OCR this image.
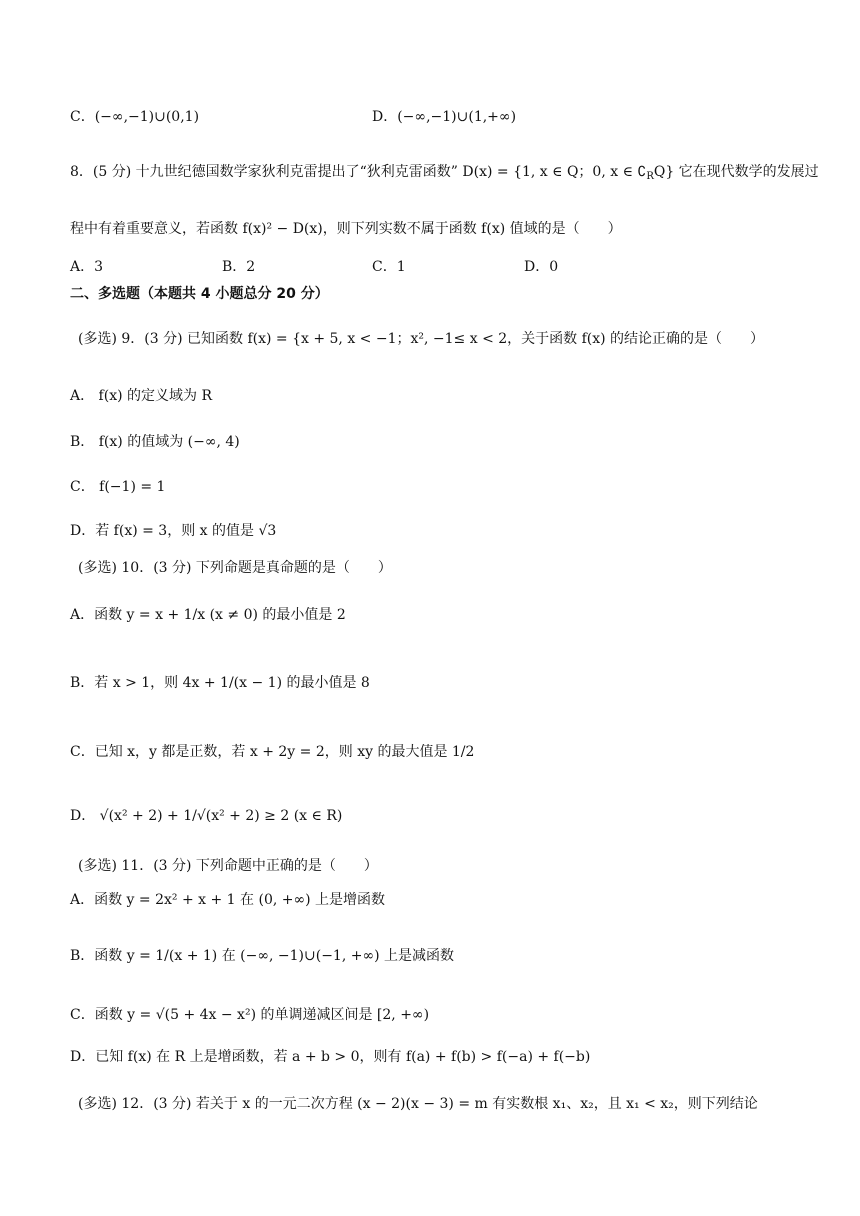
C．(−∞,−1)∪(0,1)	D．(−∞,−1)∪(1,+∞)
8．(5 分) 十九世纪德国数学家狄利克雷提出了“狄利克雷函数” D(x) = {1, x ∈ Q；0, x ∈ $∁_RQ$} 它在现代数学的发展过
程中有着重要意义，若函数 f(x)² − D(x)，则下列实数不属于函数 f(x) 值域的是（　　）
A．3	B．2	C．1	D．0
二、多选题（本题共 4 小题总分 20 分）
(多选) 9．(3 分) 已知函数 f(x) = {x + 5, x < −1；x², −1≤ x < 2，关于函数 f(x) 的结论正确的是（　　）
A． f(x) 的定义域为 R
B． f(x) 的值域为 (−∞, 4)
C． f(−1) = 1
D．若 f(x) = 3，则 x 的值是 √3
(多选) 10．(3 分) 下列命题是真命题的是（　　）
A．函数 y = x + 1/x (x ≠ 0) 的最小值是 2
B．若 x > 1，则 4x + 1/(x − 1) 的最小值是 8
C．已知 x，y 都是正数，若 x + 2y = 2，则 xy 的最大值是 1/2
D． √(x² + 2) + 1/√(x² + 2) ≥ 2 (x ∈ R)
(多选) 11．(3 分) 下列命题中正确的是（　　）
A．函数 y = 2x² + x + 1 在 (0, +∞) 上是增函数
B．函数 y = 1/(x + 1) 在 (−∞, −1)∪(−1, +∞) 上是减函数
C．函数 y = √(5 + 4x − x²) 的单调递减区间是 [2, +∞)
D．已知 f(x) 在 R 上是增函数，若 a + b > 0，则有 f(a) + f(b) > f(−a) + f(−b)
(多选) 12．(3 分) 若关于 x 的一元二次方程 (x − 2)(x − 3) = m 有实数根 x₁、x₂，且 x₁ < x₂，则下列结论
